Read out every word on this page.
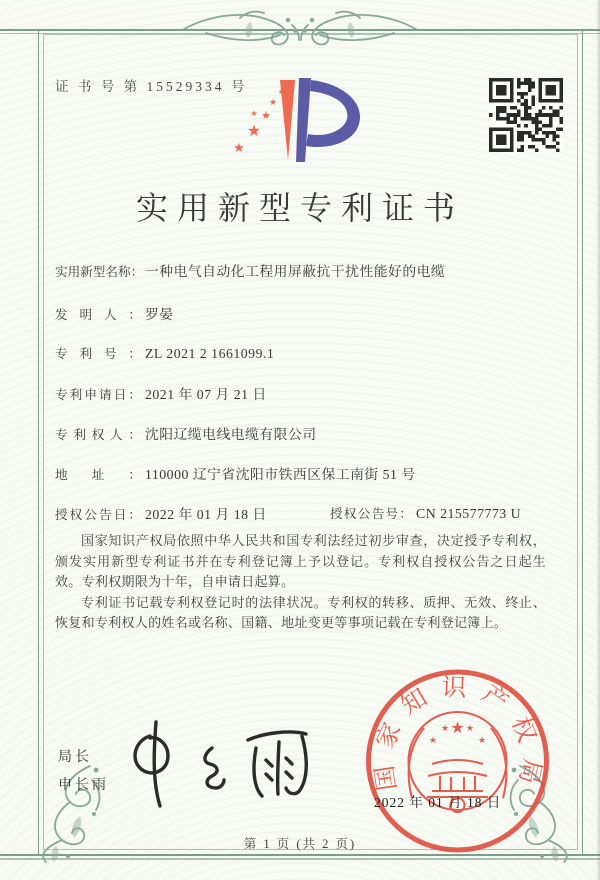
证 书 号 第 15529334 号
★
★
★
★
★
★
实用新型专利证书
实用新型名称： 一种电气自动化工程用屏蔽抗干扰性能好的电缆
发明人： 罗晏
专利号： ZL 2021 2 1661099.1
专利申请日： 2021 年 07 月 21 日
专利权人： 沈阳辽缆电线电缆有限公司
地址： 110000 辽宁省沈阳市铁西区保工南街 51 号
授权公告日： 2022 年 01 月 18 日	授权公告号： CN 215577773 U

国家知识产权局依照中华人民共和国专利法经过初步审查，决定授予专利权，颁发实用新型专利证书并在专利登记簿上予以登记。专利权自授权公告之日起生效。专利权期限为十年，自申请日起算。

专利证书记载专利权登记时的法律状况。专利权的转移、质押、无效、终止、恢复和专利权人的姓名或名称、国籍、地址变更等事项记载在专利登记簿上。

局长
申长雨	国家知识产权局
★
★
★ ★
★
2022 年 01 月 18 日
第 1 页 (共 2 页)
